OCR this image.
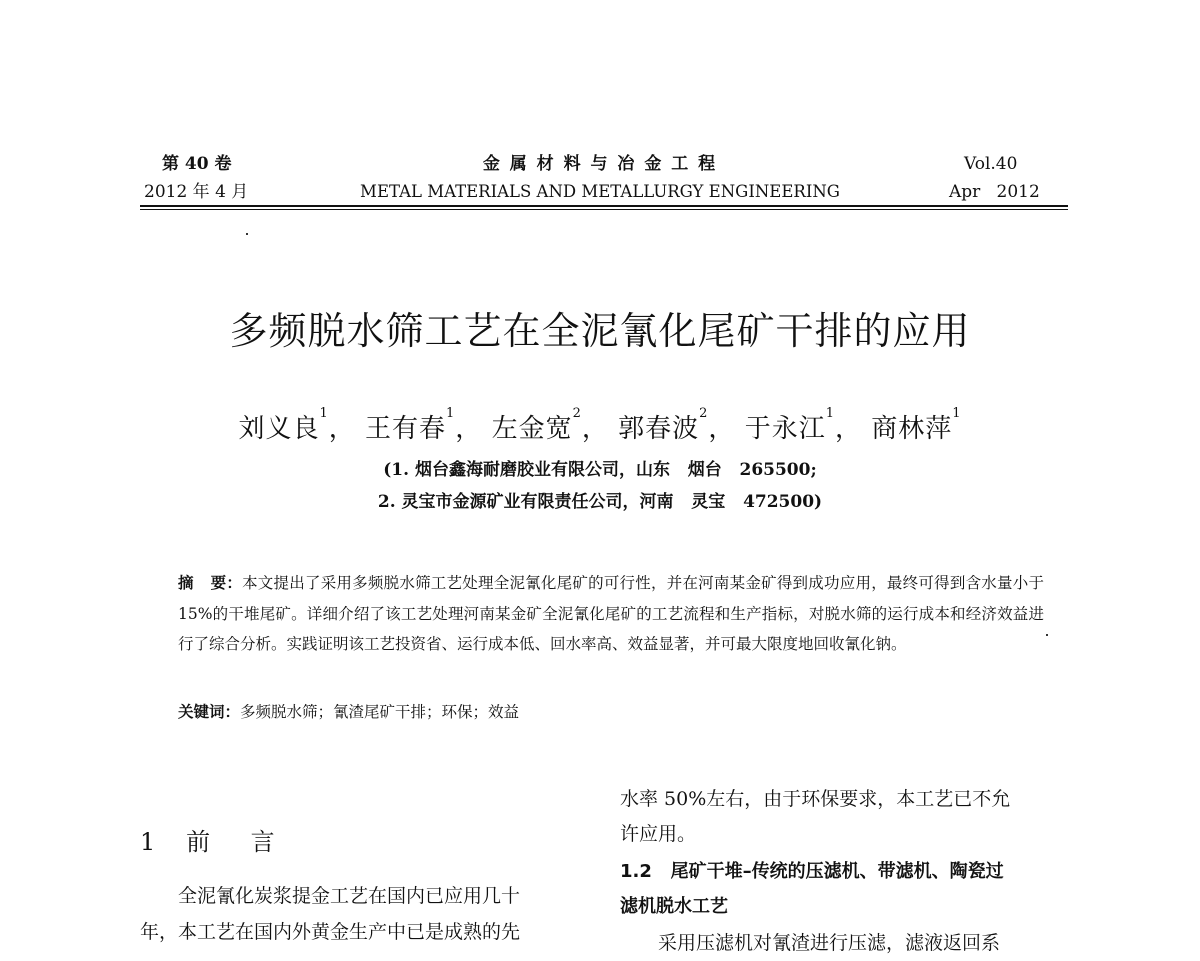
第 40 卷
2012 年 4 月
金 属 材 料 与 冶 金 工 程
METAL MATERIALS AND METALLURGY ENGINEERING
Vol.40
Apr   2012
多频脱水筛工艺在全泥氰化尾矿干排的应用
刘义良$^1$， 王有春$^1$， 左金宽$^2$， 郭春波$^2$， 于永江$^1$， 商林萍$^1$
(1. 烟台鑫海耐磨胶业有限公司，山东   烟台   265500;
2. 灵宝市金源矿业有限责任公司，河南   灵宝   472500)
摘   要：本文提出了采用多频脱水筛工艺处理全泥氰化尾矿的可行性，并在河南某金矿得到成功应用，最终可得到含水量小于 15%的干堆尾矿。详细介绍了该工艺处理河南某金矿全泥氰化尾矿的工艺流程和生产指标，对脱水筛的运行成本和经济效益进行了综合分析。实践证明该工艺投资省、运行成本低、回水率高、效益显著，并可最大限度地回收氰化钠。
关键词：多频脱水筛；氰渣尾矿干排；环保；效益
1   前    言
全泥氰化炭浆提金工艺在国内已应用几十
年，本工艺在国内外黄金生产中已是成熟的先
水率 50%左右，由于环保要求，本工艺已不允
许应用。
1.2   尾矿干堆–传统的压滤机、带滤机、陶瓷过
滤机脱水工艺
采用压滤机对氰渣进行压滤，滤液返回系
